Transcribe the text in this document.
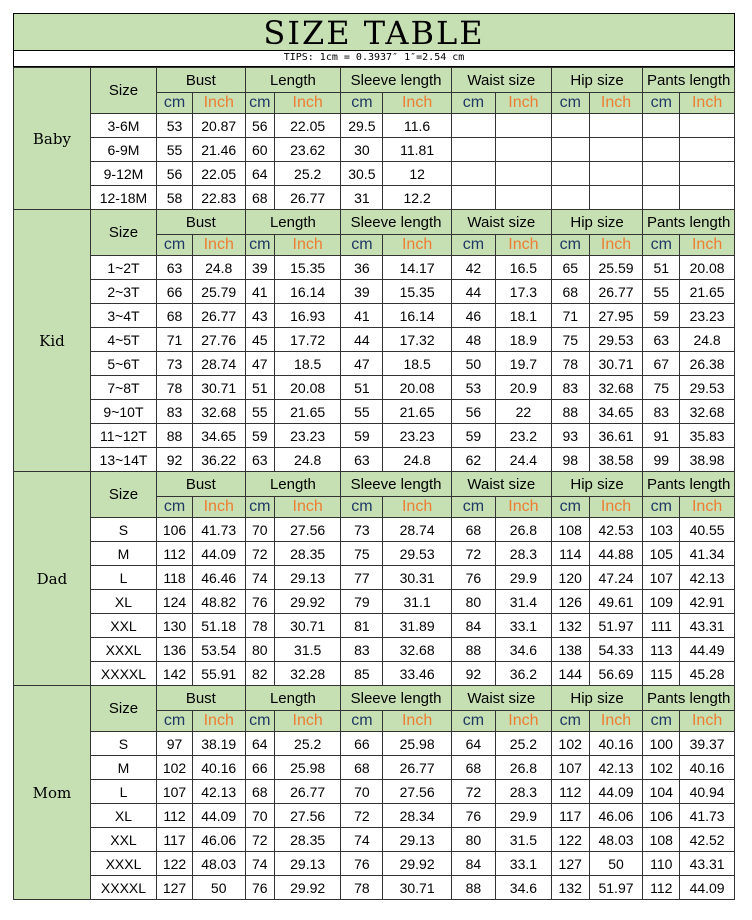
SIZE TABLE
TIPS: 1cm = 0.3937″ 1″=2.54 cm
Baby	Size	Bust		Length		Sleeve length		Waist size		Hip size		Pants length	
		cm	Inch	cm	Inch	cm	Inch	cm	Inch	cm	Inch	cm	Inch
	3-6M	53	20.87	56	22.05	29.5	11.6						
	6-9M	55	21.46	60	23.62	30	11.81						
	9-12M	56	22.05	64	25.2	30.5	12						
	12-18M	58	22.83	68	26.77	31	12.2						
Kid	Size	Bust		Length		Sleeve length		Waist size		Hip size		Pants length	
		cm	Inch	cm	Inch	cm	Inch	cm	Inch	cm	Inch	cm	Inch
	1~2T	63	24.8	39	15.35	36	14.17	42	16.5	65	25.59	51	20.08
	2~3T	66	25.79	41	16.14	39	15.35	44	17.3	68	26.77	55	21.65
	3~4T	68	26.77	43	16.93	41	16.14	46	18.1	71	27.95	59	23.23
	4~5T	71	27.76	45	17.72	44	17.32	48	18.9	75	29.53	63	24.8
	5~6T	73	28.74	47	18.5	47	18.5	50	19.7	78	30.71	67	26.38
	7~8T	78	30.71	51	20.08	51	20.08	53	20.9	83	32.68	75	29.53
	9~10T	83	32.68	55	21.65	55	21.65	56	22	88	34.65	83	32.68
	11~12T	88	34.65	59	23.23	59	23.23	59	23.2	93	36.61	91	35.83
	13~14T	92	36.22	63	24.8	63	24.8	62	24.4	98	38.58	99	38.98
Dad	Size	Bust		Length		Sleeve length		Waist size		Hip size		Pants length	
		cm	Inch	cm	Inch	cm	Inch	cm	Inch	cm	Inch	cm	Inch
	S	106	41.73	70	27.56	73	28.74	68	26.8	108	42.53	103	40.55
	M	112	44.09	72	28.35	75	29.53	72	28.3	114	44.88	105	41.34
	L	118	46.46	74	29.13	77	30.31	76	29.9	120	47.24	107	42.13
	XL	124	48.82	76	29.92	79	31.1	80	31.4	126	49.61	109	42.91
	XXL	130	51.18	78	30.71	81	31.89	84	33.1	132	51.97	111	43.31
	XXXL	136	53.54	80	31.5	83	32.68	88	34.6	138	54.33	113	44.49
	XXXXL	142	55.91	82	32.28	85	33.46	92	36.2	144	56.69	115	45.28
Mom	Size	Bust		Length		Sleeve length		Waist size		Hip size		Pants length	
		cm	Inch	cm	Inch	cm	Inch	cm	Inch	cm	Inch	cm	Inch
	S	97	38.19	64	25.2	66	25.98	64	25.2	102	40.16	100	39.37
	M	102	40.16	66	25.98	68	26.77	68	26.8	107	42.13	102	40.16
	L	107	42.13	68	26.77	70	27.56	72	28.3	112	44.09	104	40.94
	XL	112	44.09	70	27.56	72	28.34	76	29.9	117	46.06	106	41.73
	XXL	117	46.06	72	28.35	74	29.13	80	31.5	122	48.03	108	42.52
	XXXL	122	48.03	74	29.13	76	29.92	84	33.1	127	50	110	43.31
	XXXXL	127	50	76	29.92	78	30.71	88	34.6	132	51.97	112	44.09
